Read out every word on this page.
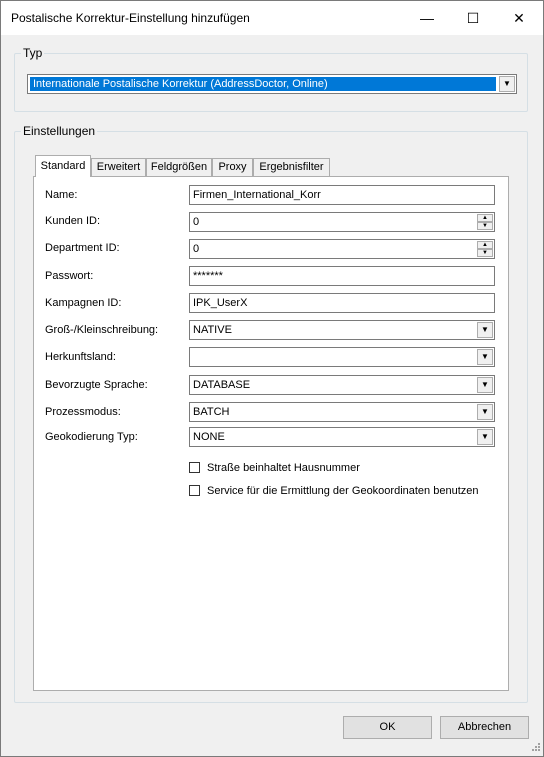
Postalische Korrektur-Einstellung hinzufügen	—	☐	✕
Typ
Internationale Postalische Korrektur (AddressDoctor, Online)	▼
Einstellungen
Standard	Erweitert Feldgrößen	Proxy	Ergebnisfilter
Name:	Firmen_International_Korr
Kunden ID:	0	▲
▼
Department ID:	0	▲
▼
Passwort:	*******
Kampagnen ID:	IPK_UserX
Groß-/Kleinschreibung:	NATIVE	▼
Herkunftsland:	▼
Bevorzugte Sprache:	DATABASE	▼
Prozessmodus:	BATCH	▼
Geokodierung Typ:	NONE	▼
Straße beinhaltet Hausnummer
Service für die Ermittlung der Geokoordinaten benutzen
OK	Abbrechen
